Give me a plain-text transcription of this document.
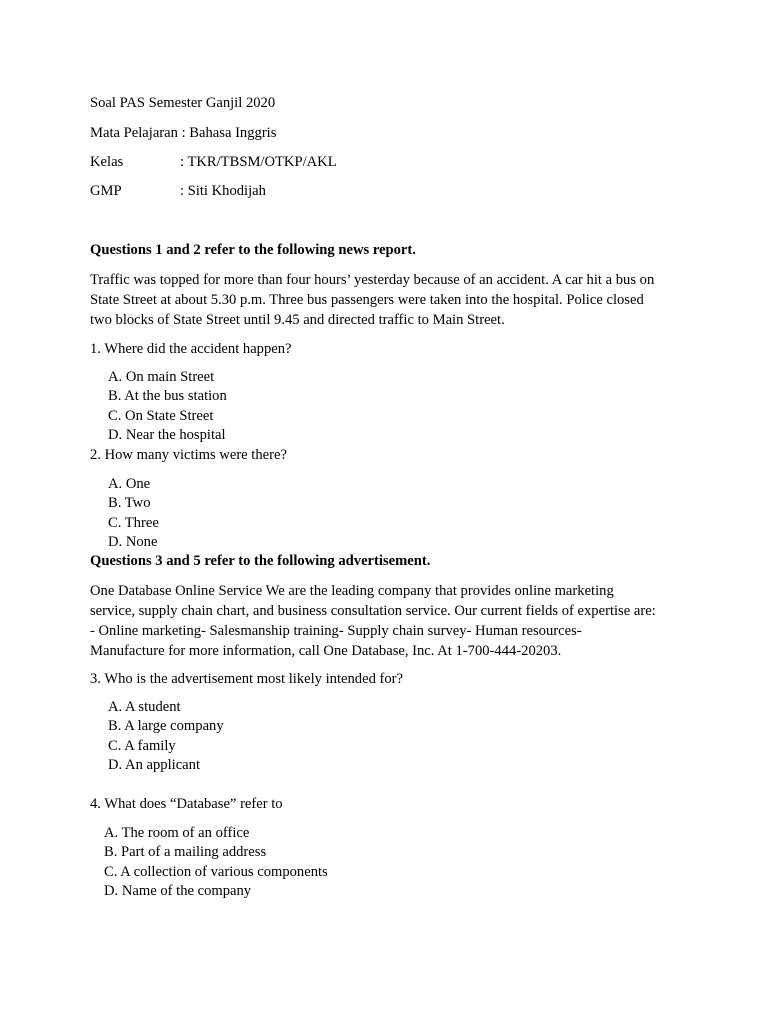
Soal PAS Semester Ganjil 2020
Mata Pelajaran : Bahasa Inggris
Kelas	: TKR/TBSM/OTKP/AKL
GMP	: Siti Khodijah
Questions 1 and 2 refer to the following news report.
Traffic was topped for more than four hours’ yesterday because of an accident. A car hit a bus on
State Street at about 5.30 p.m. Three bus passengers were taken into the hospital. Police closed
two blocks of State Street until 9.45 and directed traffic to Main Street.
1. Where did the accident happen?
A. On main Street
B. At the bus station
C. On State Street
D. Near the hospital
2. How many victims were there?
A. One
B. Two
C. Three
D. None
Questions 3 and 5 refer to the following advertisement.
One Database Online Service We are the leading company that provides online marketing
service, supply chain chart, and business consultation service. Our current fields of expertise are:
- Online marketing- Salesmanship training- Supply chain survey- Human resources-
Manufacture for more information, call One Database, Inc. At 1-700-444-20203.
3. Who is the advertisement most likely intended for?
A. A student
B. A large company
C. A family
D. An applicant
4. What does “Database” refer to
A. The room of an office
B. Part of a mailing address
C. A collection of various components
D. Name of the company
